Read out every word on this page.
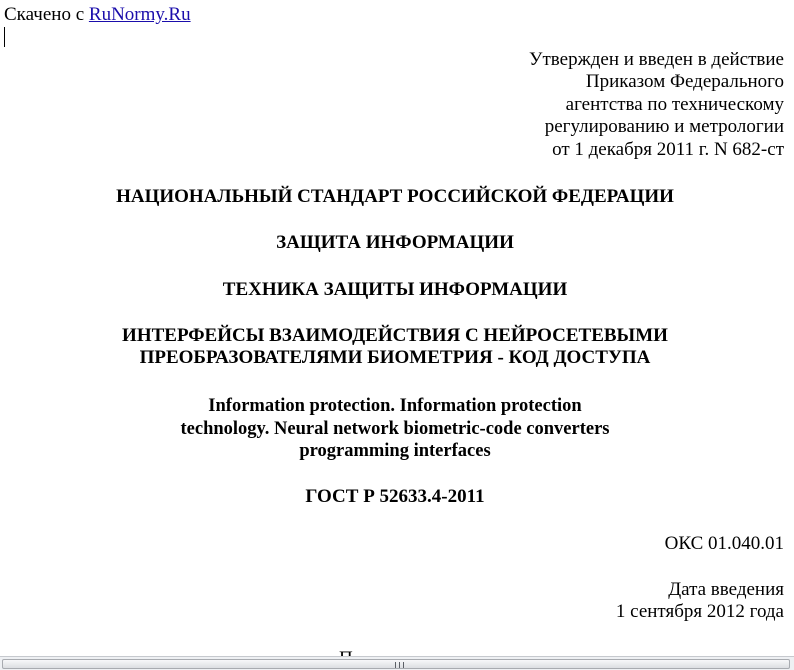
Скачено с RuNormy.Ru
Утвержден и введен в действие
Приказом Федерального
агентства по техническому
регулированию и метрологии
от 1 декабря 2011 г. N 682-ст
НАЦИОНАЛЬНЫЙ СТАНДАРТ РОССИЙСКОЙ ФЕДЕРАЦИИ
ЗАЩИТА ИНФОРМАЦИИ
ТЕХНИКА ЗАЩИТЫ ИНФОРМАЦИИ
ИНТЕРФЕЙСЫ ВЗАИМОДЕЙСТВИЯ С НЕЙРОСЕТЕВЫМИ
ПРЕОБРАЗОВАТЕЛЯМИ БИОМЕТРИЯ - КОД ДОСТУПА
Information protection. Information protection
technology. Neural network biometric-code converters
programming interfaces
ГОСТ Р 52633.4-2011
ОКС 01.040.01
Дата введения
1 сентября 2012 года
